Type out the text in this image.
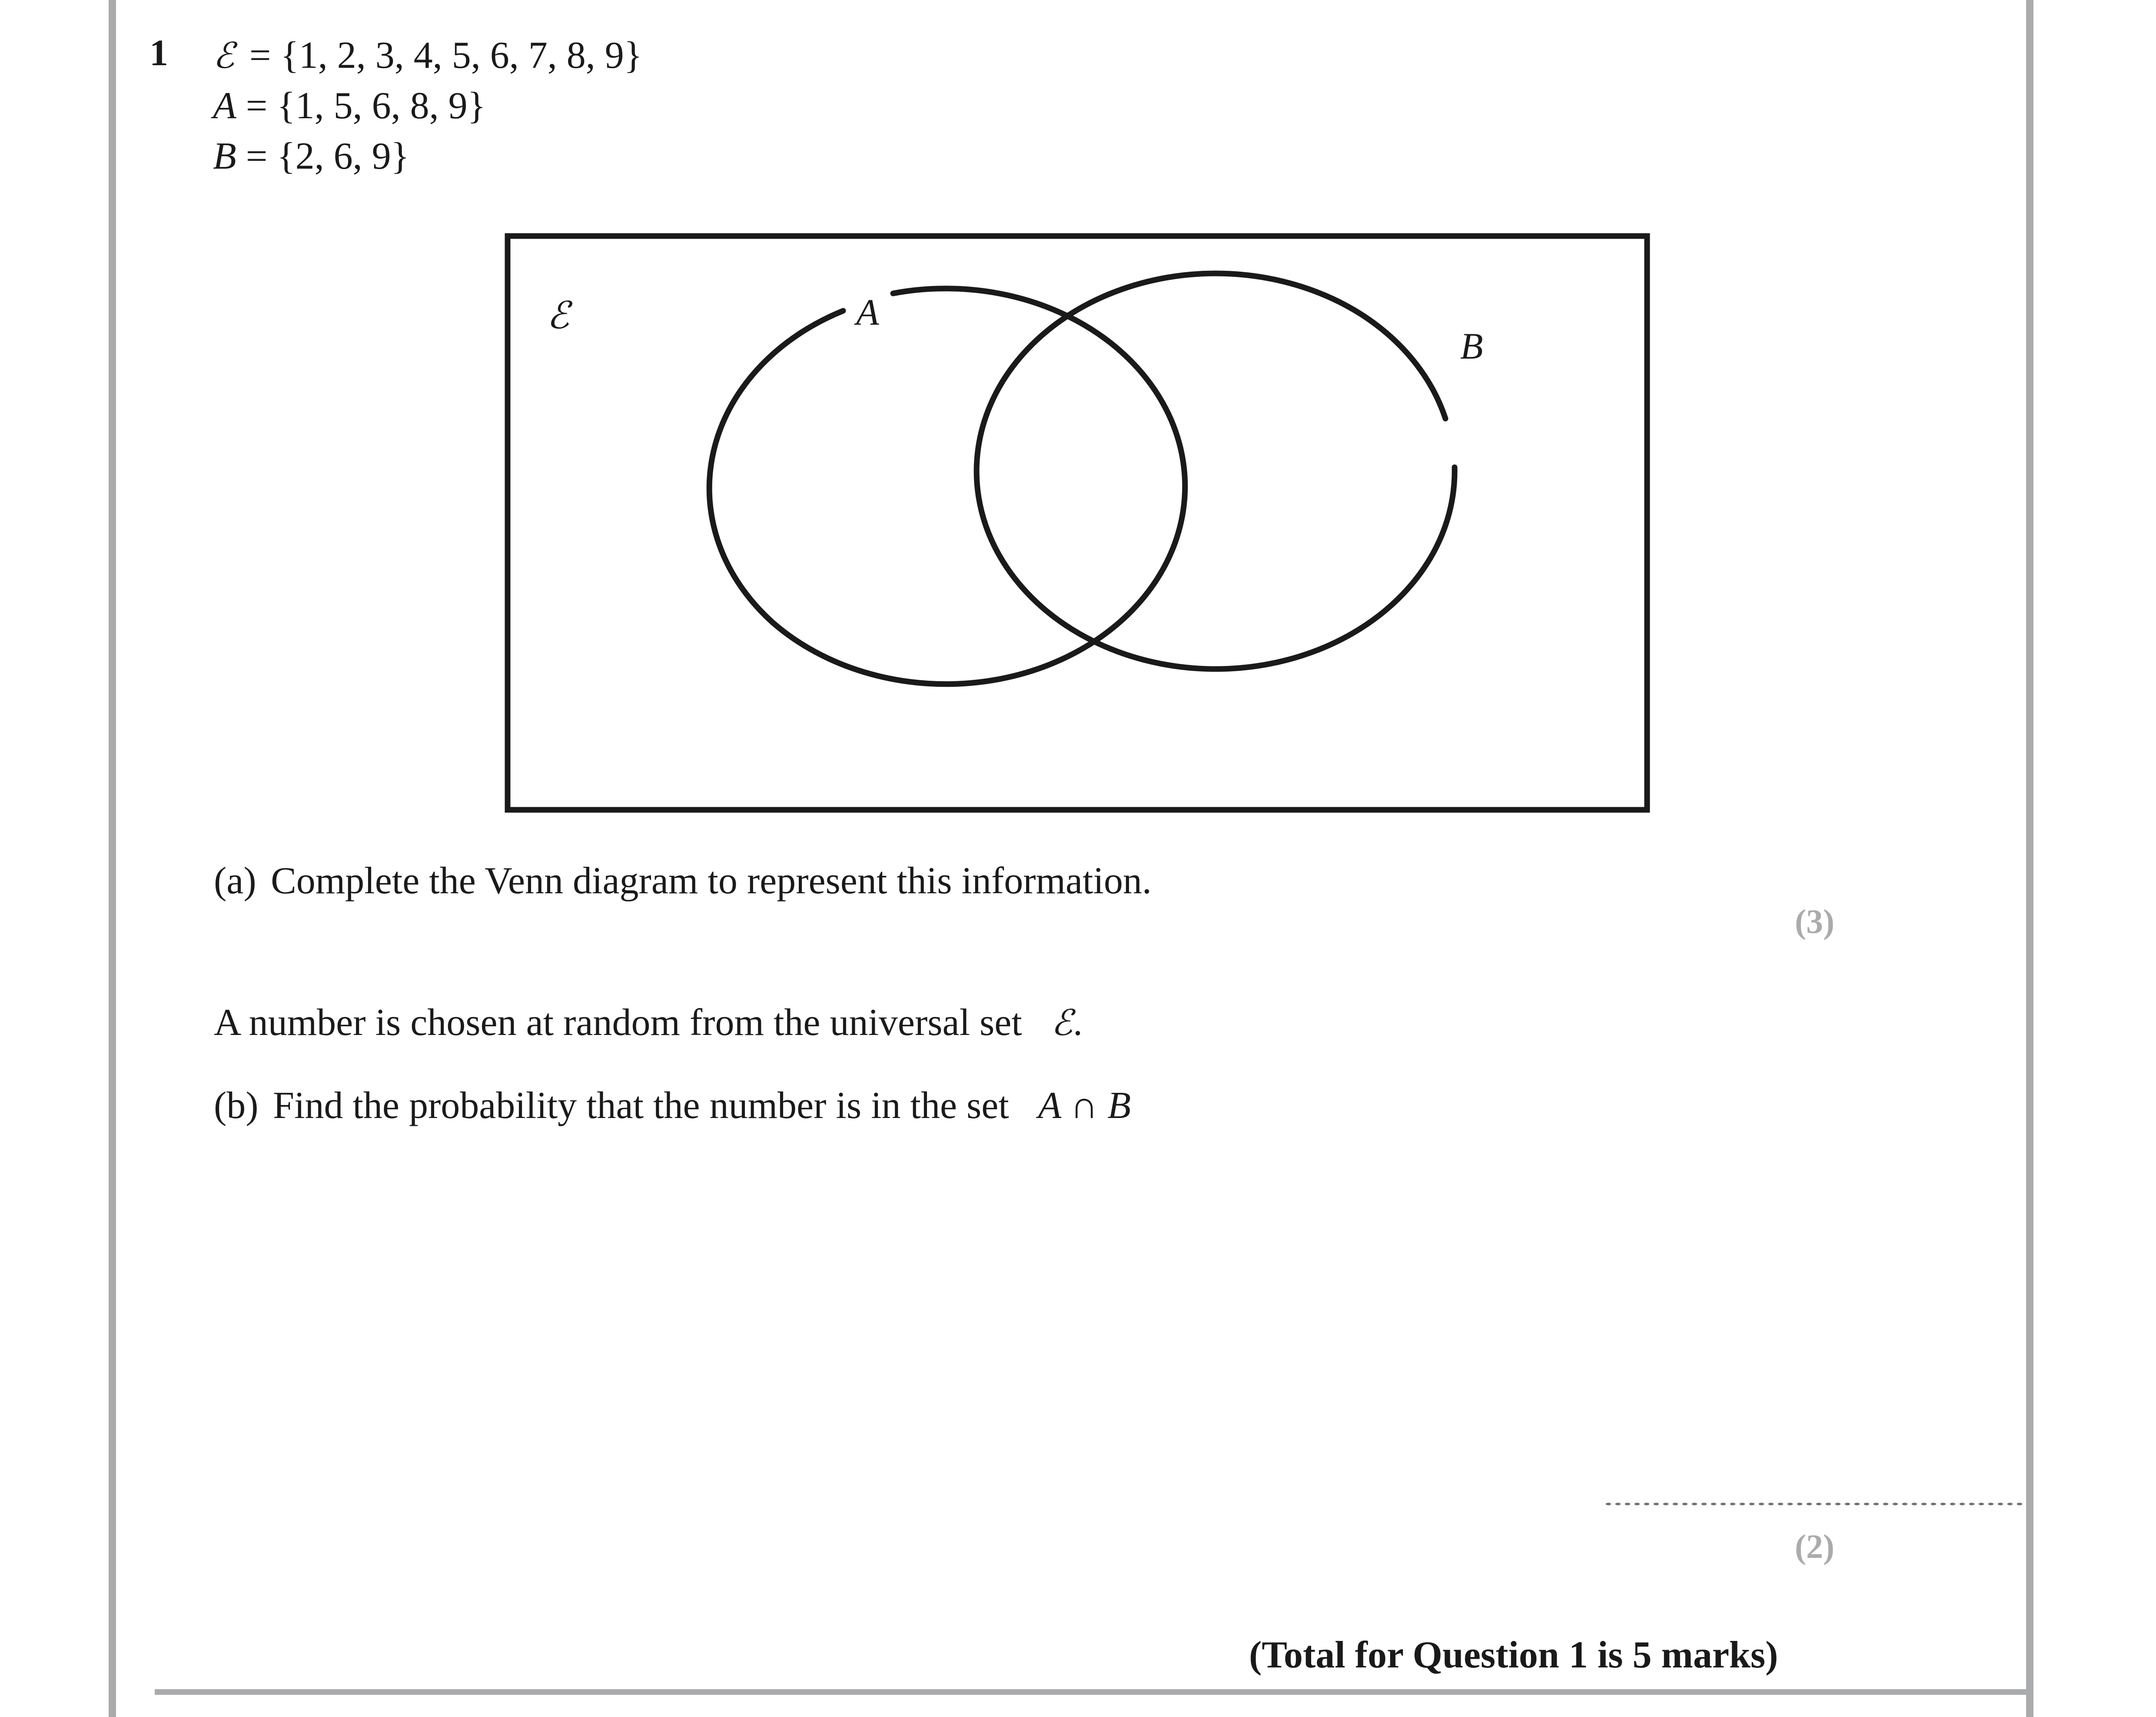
1 ℰ = {1, 2, 3, 4, 5, 6, 7, 8, 9}
A = {1, 5, 6, 8, 9}
B = {2, 6, 9}
ℰ	A
B
(a) Complete the Venn diagram to represent this information.
(3)
A number is chosen at random from the universal set ℰ.
(b) Find the probability that the number is in the set A ∩ B
(2)
(Total for Question 1 is 5 marks)
